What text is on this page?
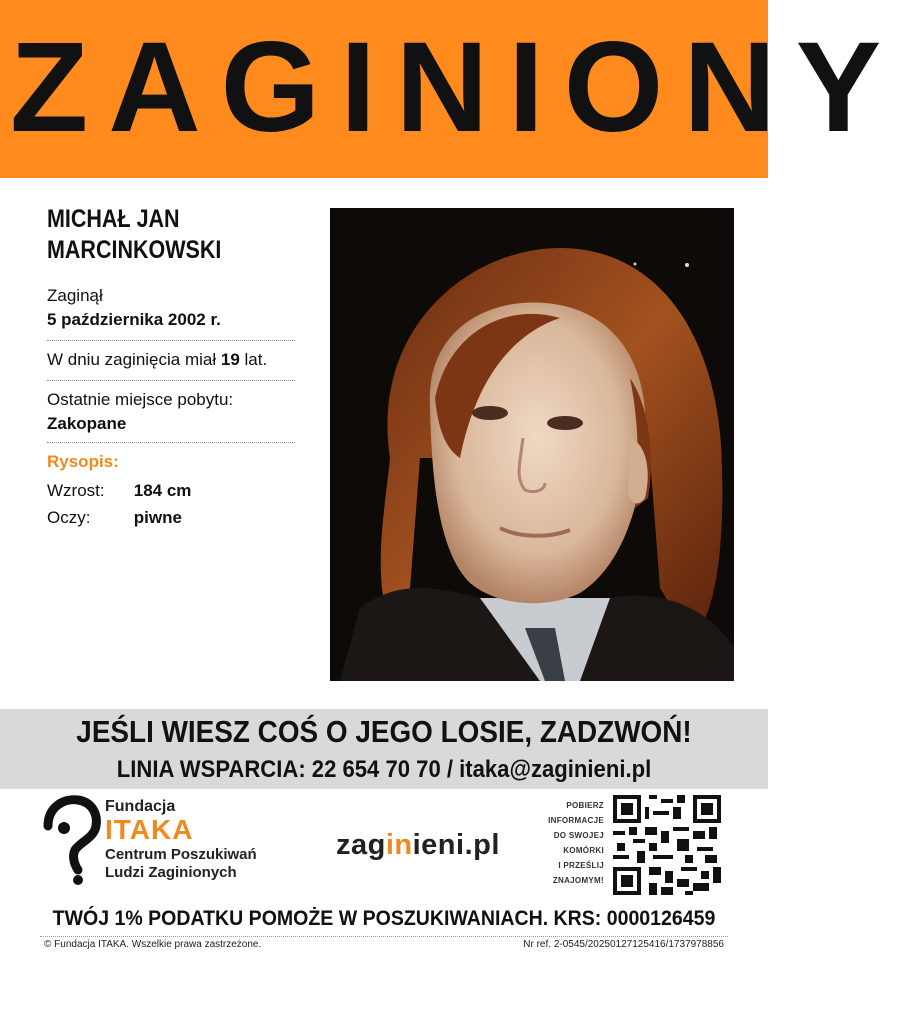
ZAGINIONY
MICHAŁ JAN
MARCINKOWSKI
Zaginął
5 października 2002 r.
W dniu zaginięcia miał 19 lat.
Ostatnie miejsce pobytu:
Zakopane
Rysopis:
Wzrost: 184 cm
Oczy:	piwne
JEŚLI WIESZ COŚ O JEGO LOSIE, ZADZWOŃ!
LINIA WSPARCIA: 22 654 70 70 / itaka@zaginieni.pl
Fundacja
ITAKA
Centrum Poszukiwań
Ludzi Zaginionych
zaginieni.pl
POBIERZ
INFORMACJE
DO SWOJEJ
KOMÓRKI
I PRZEŚLIJ
ZNAJOMYM!
TWÓJ 1% PODATKU POMOŻE W POSZUKIWANIACH. KRS: 0000126459
© Fundacja ITAKA. Wszelkie prawa zastrzeżone.	Nr ref. 2-0545/20250127125416/1737978856
